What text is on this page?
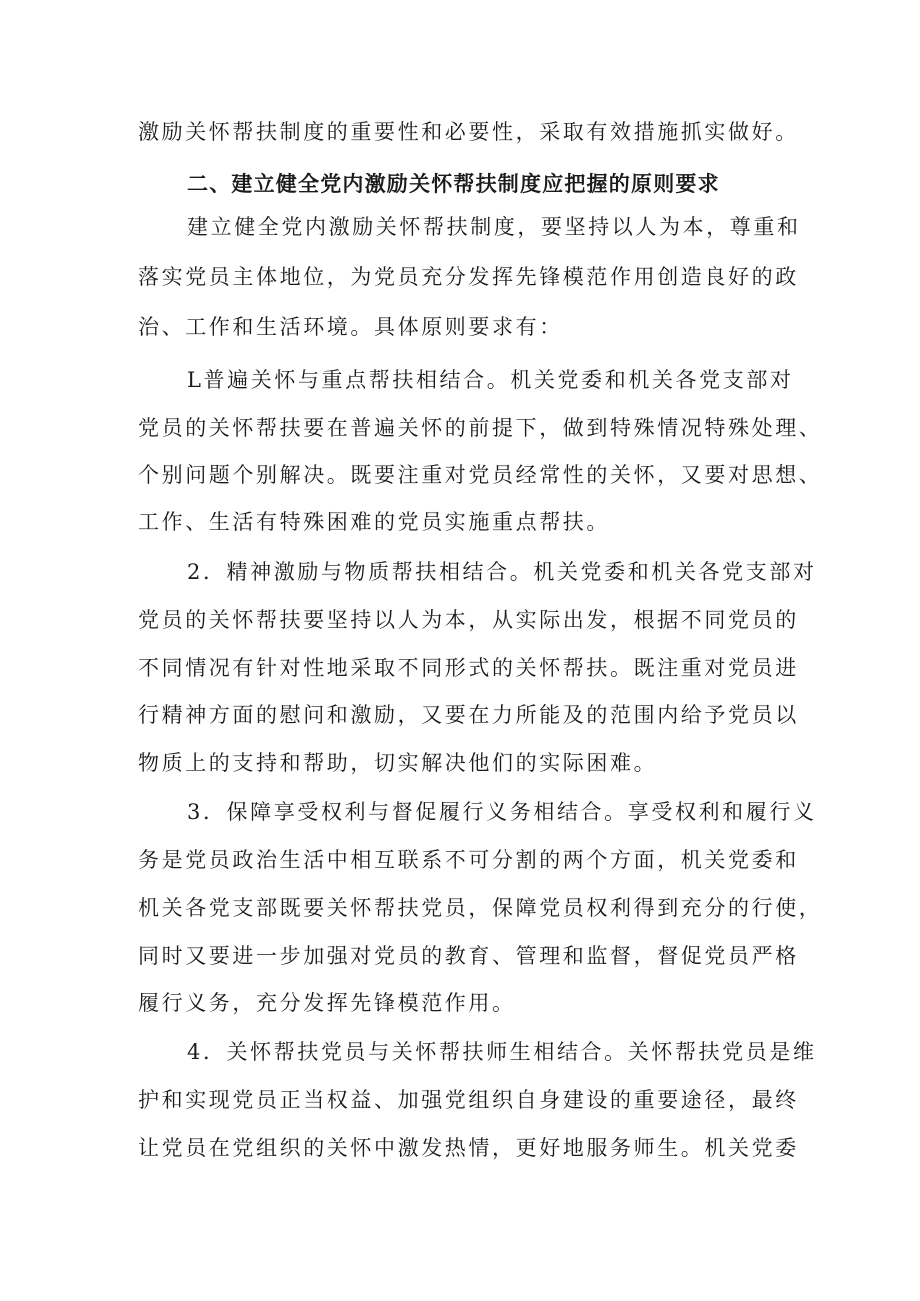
激励关怀帮扶制度的重要性和必要性，采取有效措施抓实做好。
二、建立健全党内激励关怀帮扶制度应把握的原则要求
建立健全党内激励关怀帮扶制度，要坚持以人为本，尊重和
落实党员主体地位，为党员充分发挥先锋模范作用创造良好的政
治、工作和生活环境。具体原则要求有：
L普遍关怀与重点帮扶相结合。机关党委和机关各党支部对
党员的关怀帮扶要在普遍关怀的前提下，做到特殊情况特殊处理、
个别问题个别解决。既要注重对党员经常性的关怀，又要对思想、
工作、生活有特殊困难的党员实施重点帮扶。
2．精神激励与物质帮扶相结合。机关党委和机关各党支部对
党员的关怀帮扶要坚持以人为本，从实际出发，根据不同党员的
不同情况有针对性地采取不同形式的关怀帮扶。既注重对党员进
行精神方面的慰问和激励，又要在力所能及的范围内给予党员以
物质上的支持和帮助，切实解决他们的实际困难。
3．保障享受权利与督促履行义务相结合。享受权利和履行义
务是党员政治生活中相互联系不可分割的两个方面，机关党委和
机关各党支部既要关怀帮扶党员，保障党员权利得到充分的行使，
同时又要进一步加强对党员的教育、管理和监督，督促党员严格
履行义务，充分发挥先锋模范作用。
4．关怀帮扶党员与关怀帮扶师生相结合。关怀帮扶党员是维
护和实现党员正当权益、加强党组织自身建设的重要途径，最终
让党员在党组织的关怀中激发热情，更好地服务师生。机关党委
